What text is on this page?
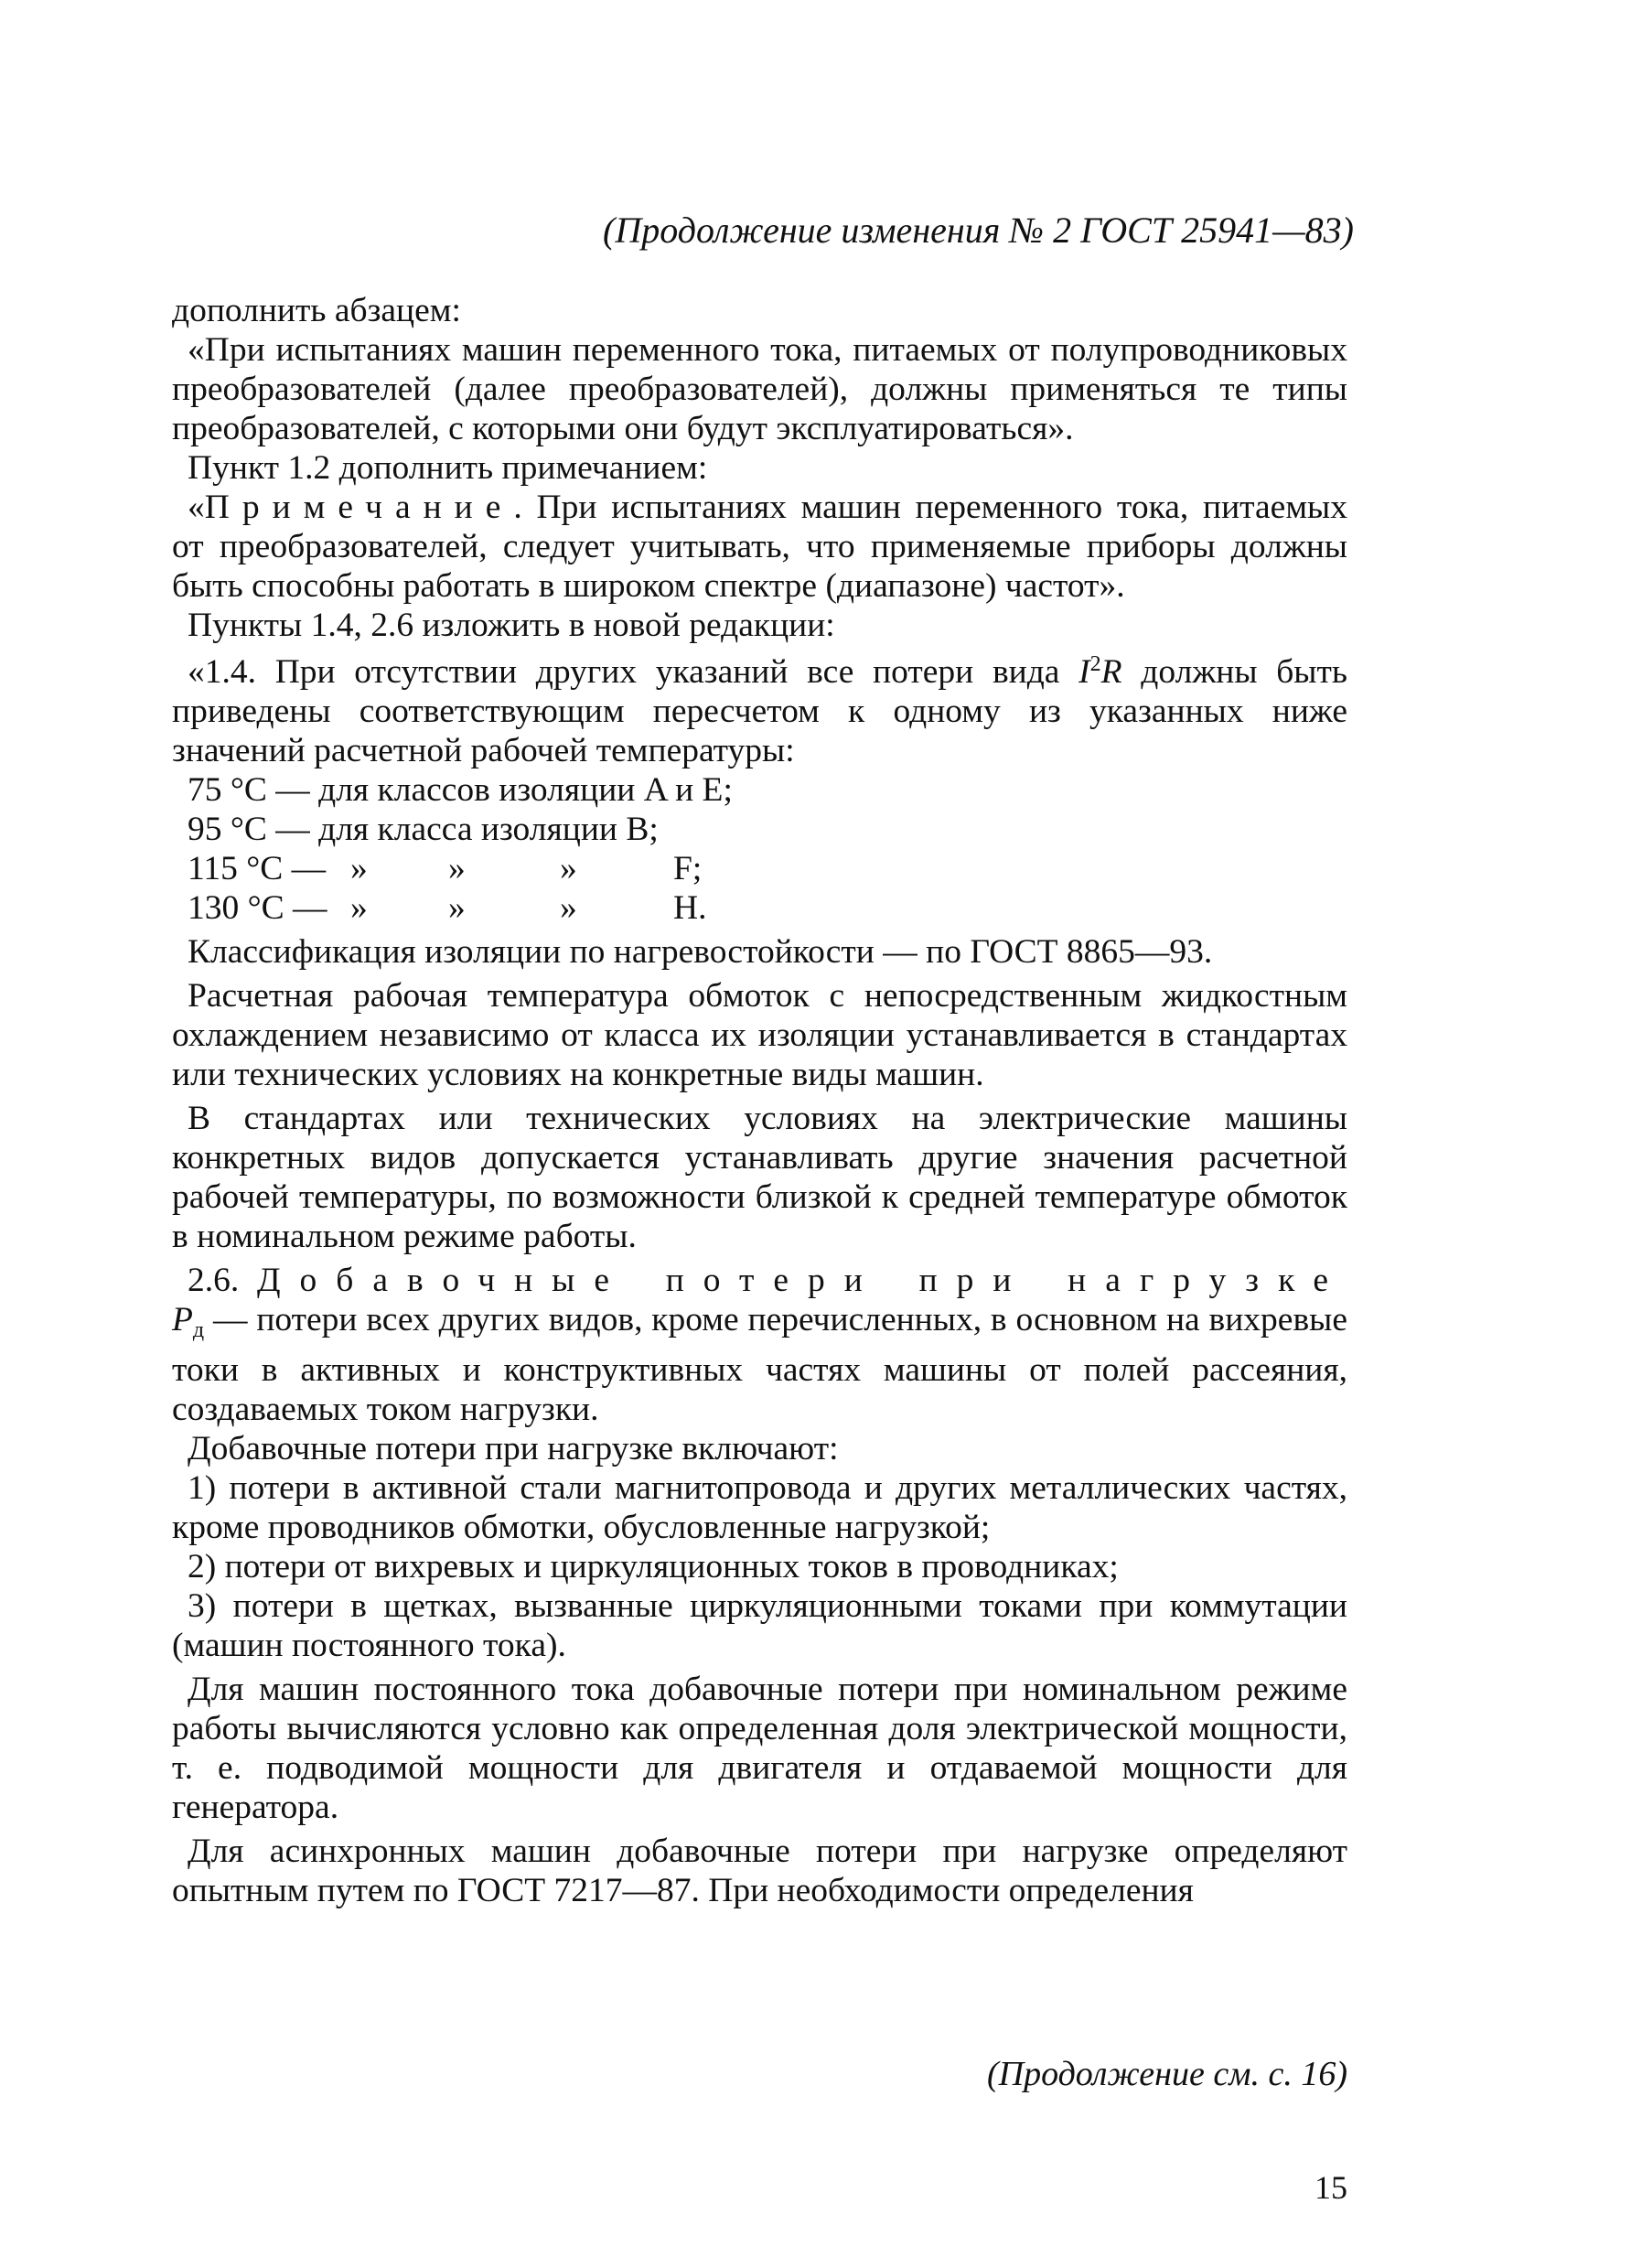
(Продолжение изменения № 2 ГОСТ 25941—83)

дополнить абзацем:

«При испытаниях машин переменного тока, питаемых от полупроводниковых преобразователей (далее преобразователей), должны применяться те типы преобразователей, с которыми они будут эксплуатироваться».

Пункт 1.2 дополнить примечанием:

«Примечание. При испытаниях машин переменного тока, питаемых от преобразователей, следует учитывать, что применяемые приборы должны быть способны работать в широком спектре (диапазоне) частот».

Пункты 1.4, 2.6 изложить в новой редакции:

«1.4. При отсутствии других указаний все потери вида $I^2R$ должны быть приведены соответствующим пересчетом к одному из указанных ниже значений расчетной рабочей температуры:

75 °C — для классов изоляции A и E;
95 °C — для класса изоляции B;
115 °C — »	»	»	F;
130 °C — »	»	»	H.

Классификация изоляции по нагревостойкости — по ГОСТ 8865—93.

Расчетная рабочая температура обмоток с непосредственным жидкостным охлаждением независимо от класса их изоляции устанавливается в стандартах или технических условиях на конкретные виды машин.

В стандартах или технических условиях на электрические машины конкретных видов допускается устанавливать другие значения расчетной рабочей температуры, по возможности близкой к средней температуре обмоток в номинальном режиме работы.

2.6. Добавочные потери при нагрузке $P_д$ — потери всех других видов, кроме перечисленных, в основном на вихревые токи в активных и конструктивных частях машины от полей рассеяния, создаваемых током нагрузки.

Добавочные потери при нагрузке включают:

1) потери в активной стали магнитопровода и других металлических частях, кроме проводников обмотки, обусловленные нагрузкой;

2) потери от вихревых и циркуляционных токов в проводниках;

3) потери в щетках, вызванные циркуляционными токами при коммутации (машин постоянного тока).

Для машин постоянного тока добавочные потери при номинальном режиме работы вычисляются условно как определенная доля электрической мощности, т. е. подводимой мощности для двигателя и отдаваемой мощности для генератора.

Для асинхронных машин добавочные потери при нагрузке определяют опытным путем по ГОСТ 7217—87. При необходимости определения

(Продолжение см. с. 16)
15
